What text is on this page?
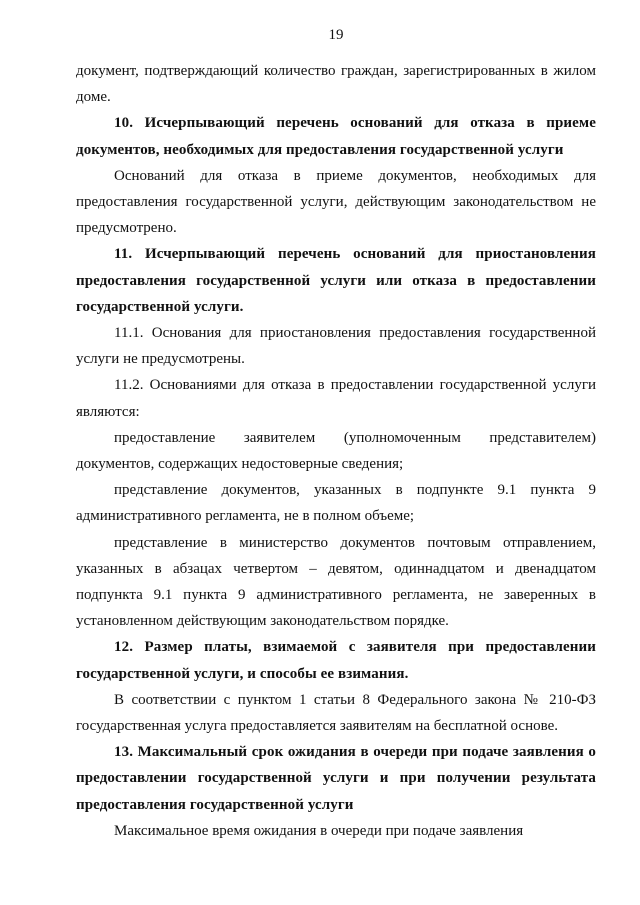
19

документ, подтверждающий количество граждан, зарегистрированных в жилом доме.

10. Исчерпывающий перечень оснований для отказа в приеме документов, необходимых для предоставления государственной услуги

Оснований для отказа в приеме документов, необходимых для предоставления государственной услуги, действующим законодательством не предусмотрено.

11. Исчерпывающий перечень оснований для приостановления предоставления государственной услуги или отказа в предоставлении государственной услуги.

11.1. Основания для приостановления предоставления государственной услуги не предусмотрены.

11.2. Основаниями для отказа в предоставлении государственной услуги являются:

предоставление заявителем (уполномоченным представителем) документов, содержащих недостоверные сведения;

представление документов, указанных в подпункте 9.1 пункта 9 административного регламента, не в полном объеме;

представление в министерство документов почтовым отправлением, указанных в абзацах четвертом – девятом, одиннадцатом и двенадцатом подпункта 9.1 пункта 9 административного регламента, не заверенных в установленном действующим законодательством порядке.

12. Размер платы, взимаемой с заявителя при предоставлении государственной услуги, и способы ее взимания.

В соответствии с пунктом 1 статьи 8 Федерального закона № 210-ФЗ государственная услуга предоставляется заявителям на бесплатной основе.

13. Максимальный срок ожидания в очереди при подаче заявления о предоставлении государственной услуги и при получении результата предоставления государственной услуги

Максимальное время ожидания в очереди при подаче заявления
